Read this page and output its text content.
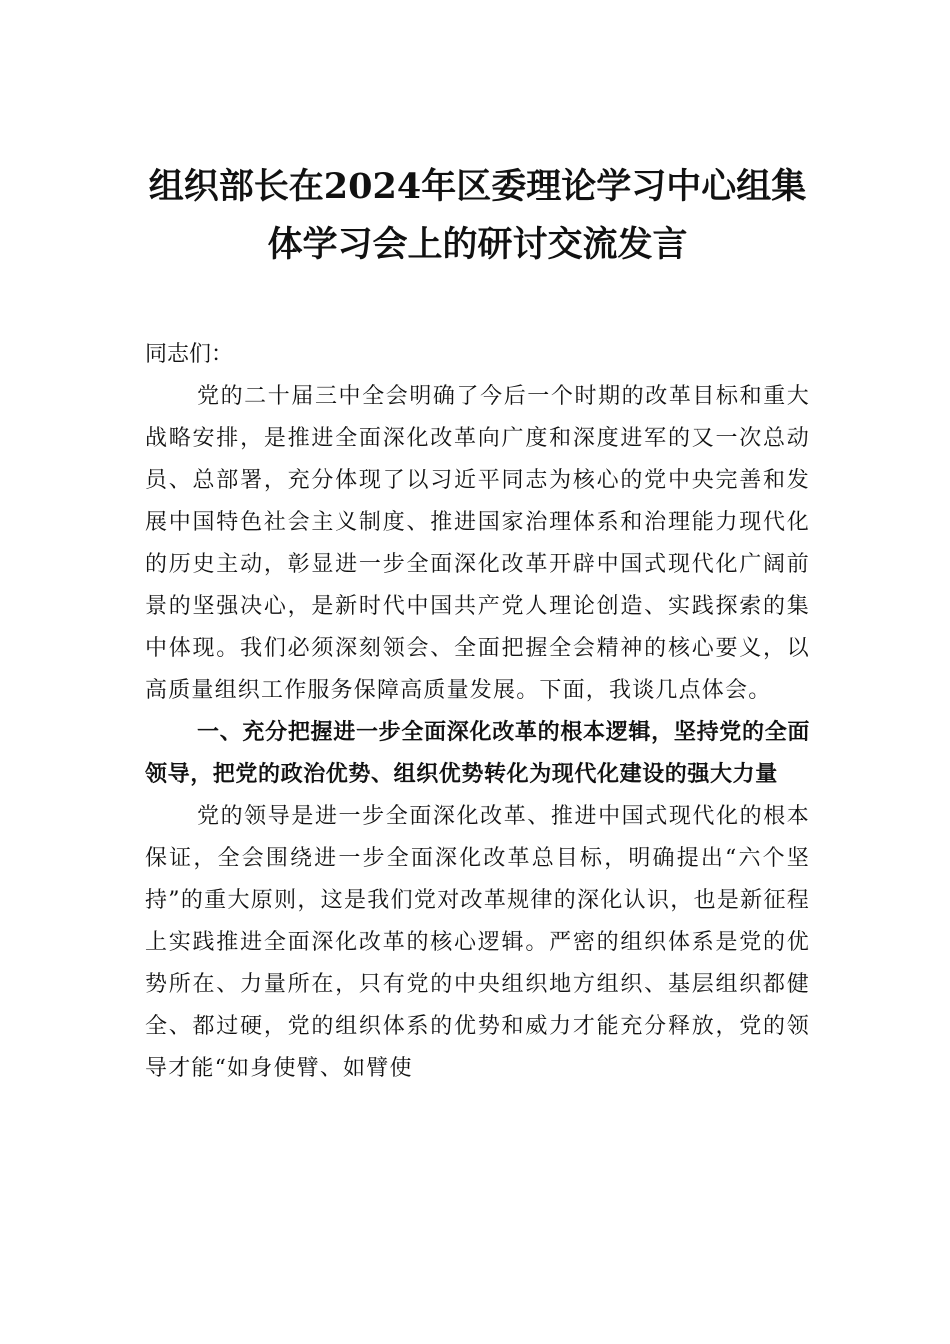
组织部长在2024年区委理论学习中心组集
体学习会上的研讨交流发言

同志们：

党的二十届三中全会明确了今后一个时期的改革目标和重大战略安排，是推进全面深化改革向广度和深度进军的又一次总动员、总部署，充分体现了以习近平同志为核心的党中央完善和发展中国特色社会主义制度、推进国家治理体系和治理能力现代化的历史主动，彰显进一步全面深化改革开辟中国式现代化广阔前景的坚强决心，是新时代中国共产党人理论创造、实践探索的集中体现。我们必须深刻领会、全面把握全会精神的核心要义，以高质量组织工作服务保障高质量发展。下面，我谈几点体会。

一、充分把握进一步全面深化改革的根本逻辑，坚持党的全面领导，把党的政治优势、组织优势转化为现代化建设的强大力量

党的领导是进一步全面深化改革、推进中国式现代化的根本保证，全会围绕进一步全面深化改革总目标，明确提出“六个坚持”的重大原则，这是我们党对改革规律的深化认识，也是新征程上实践推进全面深化改革的核心逻辑。严密的组织体系是党的优势所在、力量所在，只有党的中央组织地方组织、基层组织都健全、都过硬，党的组织体系的优势和威力才能充分释放，党的领导才能“如身使臂、如臂使
